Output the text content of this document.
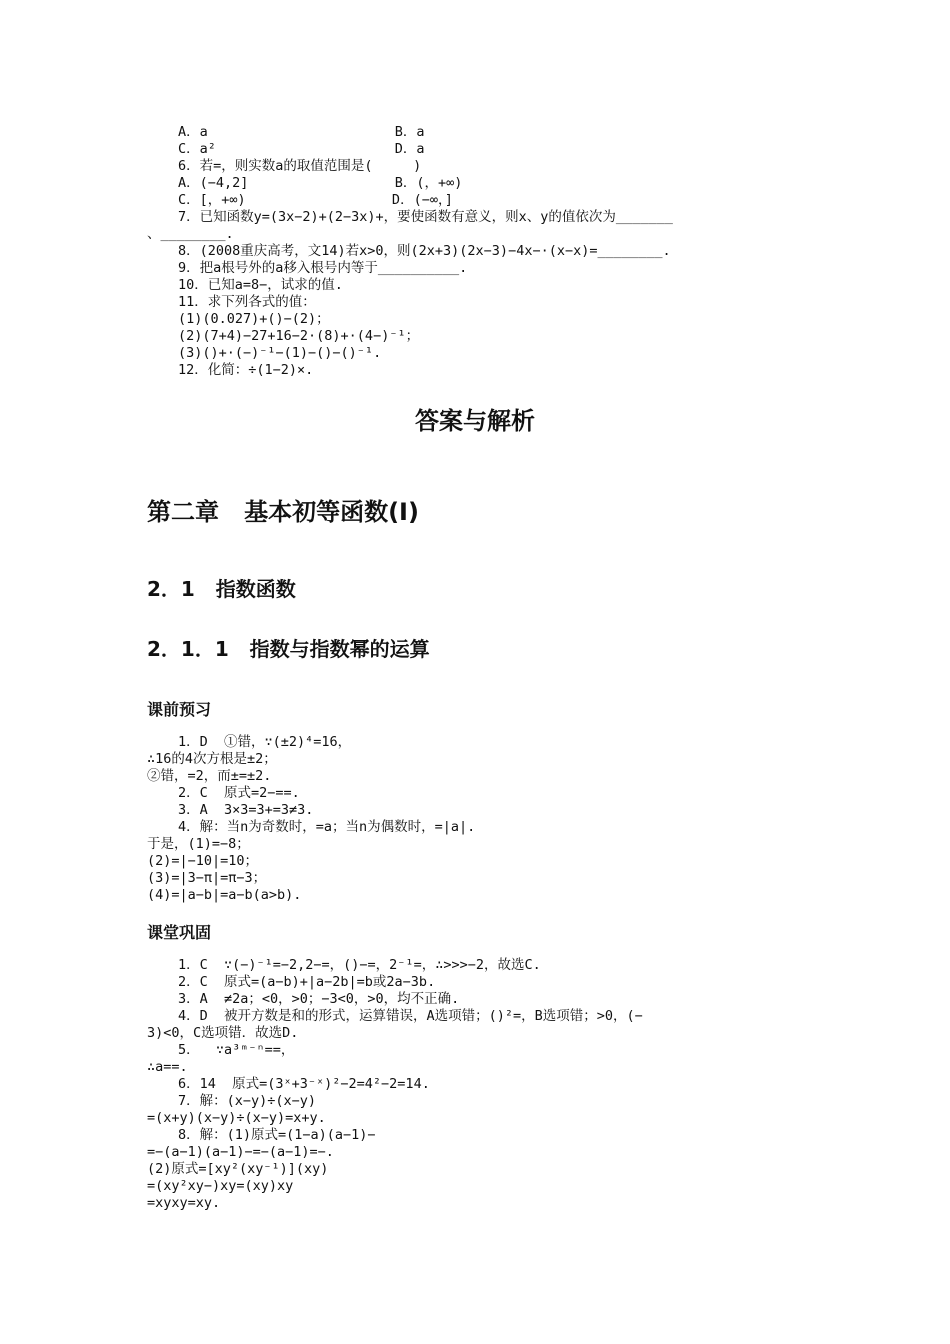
A．a                       B．a
C．a²                      D．a
6．若=，则实数a的取值范围是(     )
A．(−4,2]                  B．(，+∞)
C．[，+∞)                  D．(−∞，]
7．已知函数y=(3x−2)+(2−3x)+，要使函数有意义，则x、y的值依次为_______
、________.
8．(2008重庆高考，文14)若x>0，则(2x+3)(2x−3)−4x−·(x−x)=________.
9．把a根号外的a移入根号内等于__________.
10．已知a=8−，试求的值.
11．求下列各式的值：
(1)(0.027)+()−(2)；
(2)(7+4)−27+16−2·(8)+·(4−)⁻¹；
(3)()+·(−)⁻¹−(1)−()−()⁻¹.
12．化简：÷(1−2)×.
答案与解析
第二章   基本初等函数(Ⅰ)
2．1   指数函数
2．1．1   指数与指数幂的运算
课前预习
1．D  ①错，∵(±2)⁴=16，
∴16的4次方根是±2；
②错，=2，而±=±2.
2．C  原式=2−==.
3．A  3×3=3+=3≠3.
4．解：当n为奇数时，=a；当n为偶数时，=|a|.
于是，(1)=−8；
(2)=|−10|=10；
(3)=|3−π|=π−3；
(4)=|a−b|=a−b(a>b).
课堂巩固
1．C  ∵(−)⁻¹=−2,2−=，()−=，2⁻¹=，∴>>>−2，故选C.
2．C  原式=(a−b)+|a−2b|=b或2a−3b.
3．A  ≠2a；<0，>0；−3<0，>0，均不正确.
4．D  被开方数是和的形式，运算错误，A选项错；()²=，B选项错；>0，(−
3)<0，C选项错．故选D.
5．  ∵a³ᵐ⁻ⁿ==，
∴a==.
6．14  原式=(3ˣ+3⁻ˣ)²−2=4²−2=14.
7．解：(x−y)÷(x−y)
=(x+y)(x−y)÷(x−y)=x+y.
8．解：(1)原式=(1−a)(a−1)−
=−(a−1)(a−1)−=−(a−1)=−.
(2)原式=[xy²(xy⁻¹)](xy)
=(xy²xy−)xy=(xy)xy
=xyxy=xy.
